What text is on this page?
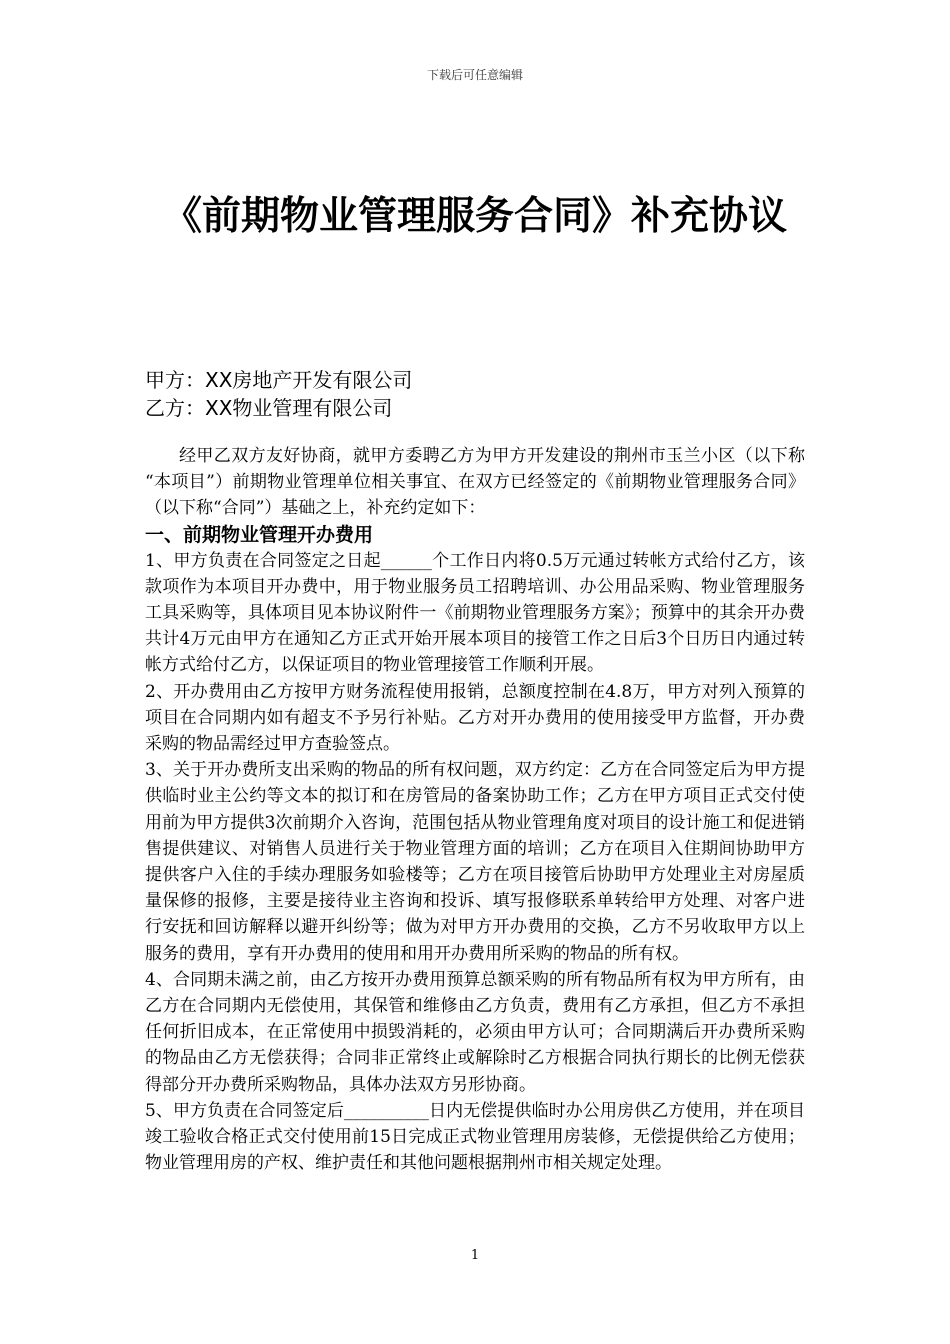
下载后可任意编辑
《前期物业管理服务合同》补充协议
甲方：XX房地产开发有限公司
乙方：XX物业管理有限公司

经甲乙双方友好协商，就甲方委聘乙方为甲方开发建设的荆州市玉兰小区（以下称 “本项目”）前期物业管理单位相关事宜、在双方已经签定的《前期物业管理服务合同》（以下称“合同”）基础之上，补充约定如下：

一、前期物业管理开办费用

1、甲方负责在合同签定之日起______个工作日内将0.5万元通过转帐方式给付乙方，该款项作为本项目开办费中，用于物业服务员工招聘培训、办公用品采购、物业管理服务工具采购等，具体项目见本协议附件一《前期物业管理服务方案》；预算中的其余开办费共计4万元由甲方在通知乙方正式开始开展本项目的接管工作之日后3个日历日内通过转帐方式给付乙方，以保证项目的物业管理接管工作顺利开展。

2、开办费用由乙方按甲方财务流程使用报销，总额度控制在4.8万，甲方对列入预算的项目在合同期内如有超支不予另行补贴。乙方对开办费用的使用接受甲方监督，开办费采购的物品需经过甲方查验签点。

3、关于开办费所支出采购的物品的所有权问题，双方约定：乙方在合同签定后为甲方提供临时业主公约等文本的拟订和在房管局的备案协助工作；乙方在甲方项目正式交付使用前为甲方提供3次前期介入咨询，范围包括从物业管理角度对项目的设计施工和促进销售提供建议、对销售人员进行关于物业管理方面的培训；乙方在项目入住期间协助甲方提供客户入住的手续办理服务如验楼等；乙方在项目接管后协助甲方处理业主对房屋质量保修的报修，主要是接待业主咨询和投诉、填写报修联系单转给甲方处理、对客户进行安抚和回访解释以避开纠纷等；做为对甲方开办费用的交换，乙方不另收取甲方以上服务的费用，享有开办费用的使用和用开办费用所采购的物品的所有权。

4、合同期未满之前，由乙方按开办费用预算总额采购的所有物品所有权为甲方所有，由乙方在合同期内无偿使用，其保管和维修由乙方负责，费用有乙方承担，但乙方不承担任何折旧成本，在正常使用中损毁消耗的，必须由甲方认可；合同期满后开办费所采购的物品由乙方无偿获得；合同非正常终止或解除时乙方根据合同执行期长的比例无偿获得部分开办费所采购物品，具体办法双方另形协商。

5、甲方负责在合同签定后__________日内无偿提供临时办公用房供乙方使用，并在项目竣工验收合格正式交付使用前15日完成正式物业管理用房装修，无偿提供给乙方使用；物业管理用房的产权、维护责任和其他问题根据荆州市相关规定处理。

1
